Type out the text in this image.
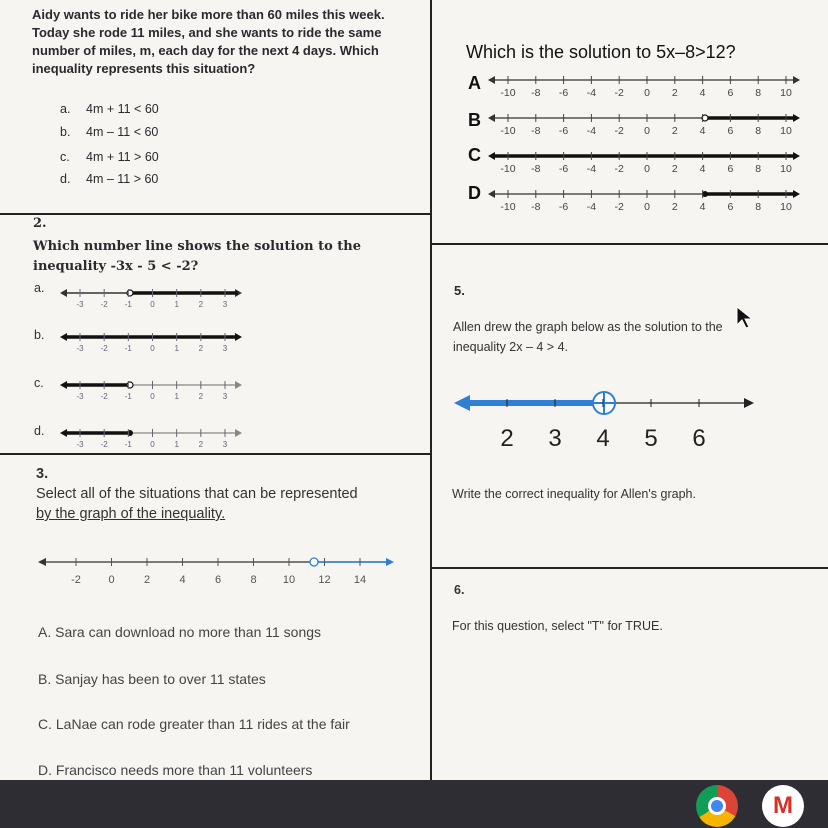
Aidy wants to ride her bike more than 60 miles this week. Today she rode 11 miles, and she wants to ride the same number of miles, m, each day for the next 4 days. Which inequality represents this situation?
a. 4m + 11 < 60
b. 4m – 11 < 60
c. 4m + 11 > 60
d. 4m – 11 > 60
2.
Which number line shows the solution to the
inequality -3x - 5 < -2?
a.
-3 -2 -1 0 1 2 3
b.
-3 -2 -1 0 1 2 3
c.
-3 -2 -1 0 1 2 3
d.
-3 -2 -1 0 1 2 3
3.
Select all of the situations that can be represented
by the graph of the inequality.
-2	0	2	4	6	8 10 12 14
A. Sara can download no more than 11 songs
B. Sanjay has been to over 11 states
C. LaNae can rode greater than 11 rides at the fair
D. Francisco needs more than 11 volunteers
Which is the solution to 5x–8>12?
A -10 -8 -6 -4 -2 0 2 4 6 8 10
B
-10 -8 -6 -4 -2 0 2 4 6 8 10
C
-10 -8 -6 -4 -2 0 2 4 6 8 10
D
-10 -8 -6 -4 -2 0 2 4 6 8 10
5.
Allen drew the graph below as the solution to the
inequality 2x – 4 > 4.
2 3 4 5 6
Write the correct inequality for Allen's graph.
6.
For this question, select "T" for TRUE.
M
